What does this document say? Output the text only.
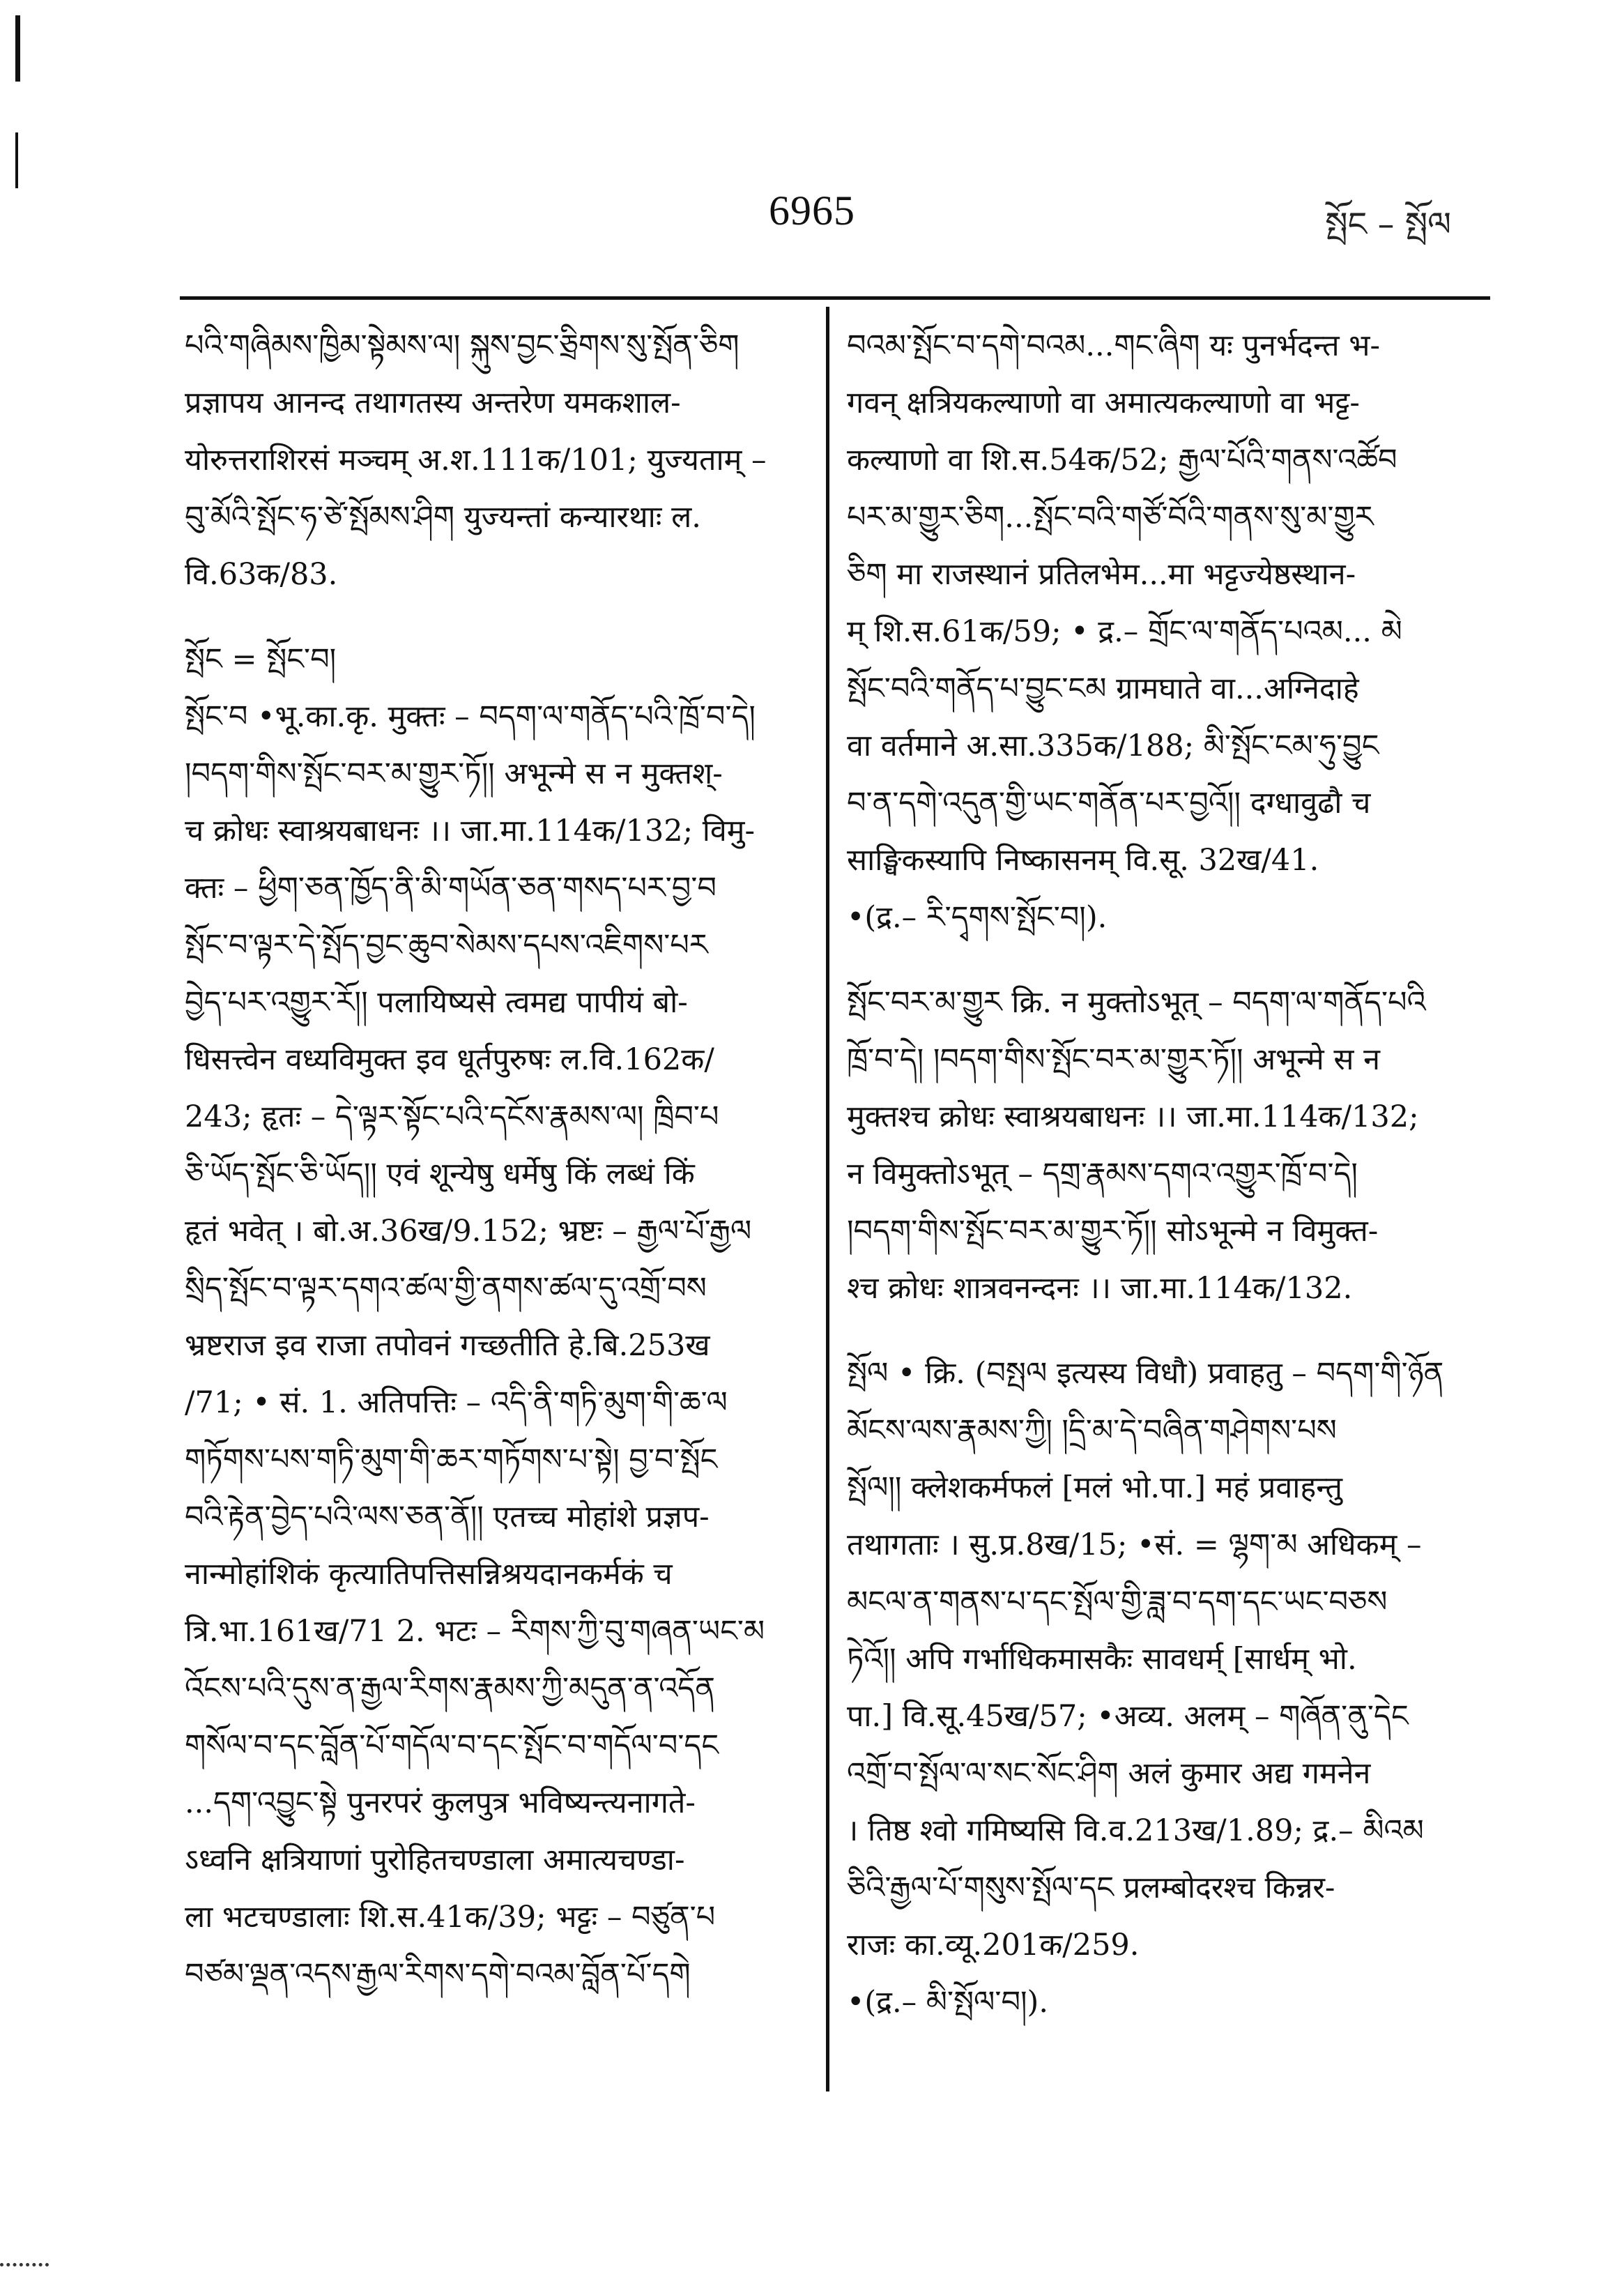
6965	སྤོང – སྤོལ
པའི་གཞིམས་ཁྱིམ་སྟེམས་ལ། སྐུས་བྱང་ཅྲིགས་སུ་སྤོན་ཅིག
प्रज्ञापय आनन्द तथागतस्य अन्तरेण यमकशाल-
योरुत्तराशिरसं मञ्चम् अ.श.111क/101; युज्यताम् –
བུ་མོའི་སྤོང་ཧ་ཙེ་སྤོམས་ཤིག युज्यन्तां कन्यारथाः ल.
वि.63क/83.
སྤོང = སྤོང་བ།
སྤོང་བ •भू.का.कृ. मुक्तः – བདག་ལ་གནོད་པའི་ཁྲོ་བ་དེ།
།བདག་གིས་སྤོང་བར་མ་གྱུར་ཏོ།། अभून्मे स न मुक्तश्-
च क्रोधः स्वाश्रयबाधनः ।। जा.मा.114क/132; विमु-
क्तः – ཕྱིག་ཅན་ཁྱོད་ནི་མི་གཡོན་ཅན་གསད་པར་བྱ་བ
སྤོང་བ་ལྟར་དེ་སྤོད་བྱང་ཆུབ་སེམས་དཔས་འཇིགས་པར
བྱེད་པར་འགྱུར་རོ།། पलायिष्यसे त्वमद्य पापीयं बो-
धिसत्त्वेन वध्यविमुक्त इव धूर्तपुरुषः ल.वि.162क/
243; हृतः – དེ་ལྟར་སྟོང་པའི་དངོས་རྣམས་ལ། ཁྲིབ་པ
ཅི་ཡོད་སྤོང་ཅི་ཡོད།། एवं शून्येषु धर्मेषु किं लब्धं किं
हृतं भवेत् । बो.अ.36ख/9.152; भ्रष्टः – རྒྱལ་པོ་རྒྱལ
སྲིད་སྤོང་བ་ལྟར་དགའ་ཚལ་གྱི་ནགས་ཚལ་དུ་འགྲོ་བས
भ्रष्टराज इव राजा तपोवनं गच्छतीति हे.बि.253ख
/71; • सं. 1. अतिपत्तिः – འདི་ནི་གཏི་མུག་གི་ཆ་ལ
གཏོགས་པས་གཏི་མུག་གི་ཆར་གཏོགས་པ་སྟེ། བྱ་བ་སྤོང
བའི་རྟེན་བྱེད་པའི་ལས་ཅན་ནོ།། एतच्च मोहांशे प्रज्ञप-
नान्मोहांशिकं कृत्यातिपत्तिसन्निश्रयदानकर्मकं च
त्रि.भा.161ख/71 2. भटः – རིགས་ཀྱི་བུ་གཞན་ཡང་མ
འོངས་པའི་དུས་ན་རྒྱལ་རིགས་རྣམས་ཀྱི་མདུན་ན་འདོན
གསོལ་བ་དང་བློན་པོ་གདོལ་བ་དང་སྤོང་བ་གདོལ་བ་དང
...དག་འབྱུང་སྟེ पुनरपरं कुलपुत्र भविष्यन्त्यनागते-
ऽध्वनि क्षत्रियाणां पुरोहितचण्डाला अमात्यचण्डा-
ला भटचण्डालाः शि.स.41क/39; भट्टः – བཙུན་པ
བཙམ་ལྡན་འདས་རྒྱལ་རིགས་དགེ་བའམ་བློན་པོ་དགེ
བའམ་སྤོང་བ་དགེ་བའམ...གང་ཞིག यः पुनर्भदन्त भ-
गवन् क्षत्रियकल्याणो वा अमात्यकल्याणो वा भट्ट-
कल्याणो वा शि.स.54क/52; རྒྱལ་པོའི་གནས་འཚོབ
པར་མ་གྱུར་ཅིག...སྤོང་བའི་གཙོ་བོའི་གནས་སུ་མ་གྱུར
ཅིག मा राजस्थानं प्रतिलभेम...मा भट्टज्येष्ठस्थान-
म् शि.स.61क/59; • द्र.– གྲོང་ལ་གནོད་པའམ... མེ
སྤོང་བའི་གནོད་པ་བྱུང་ངམ ग्रामघाते वा...अग्निदाहे
वा वर्तमाने अ.सा.335क/188; མི་སྤོང་ངམ་ཧུ་བྱུང
བ་ན་དགེ་འདུན་གྱི་ཡང་གནོན་པར་བྱའོ།། दग्धावुढौ च
साङ्घिकस्यापि निष्कासनम् वि.सू. 32ख/41.
•(द्र.– རི་དྭགས་སྤོང་བ།).
སྤོང་བར་མ་གྱུར क्रि. न मुक्तोऽभूत् – བདག་ལ་གནོད་པའི
ཁྲོ་བ་དེ། །བདག་གིས་སྤོང་བར་མ་གྱུར་ཏོ།། अभून्मे स न
मुक्तश्च क्रोधः स्वाश्रयबाधनः ।। जा.मा.114क/132;
न विमुक्तोऽभूत् – དགྲ་རྣམས་དགའ་འགྱུར་ཁྲོ་བ་དེ།
།བདག་གིས་སྤོང་བར་མ་གྱུར་ཏོ།། सोऽभून्मे न विमुक्त-
श्च क्रोधः शात्रवनन्दनः ।। जा.मा.114क/132.
སྤོལ • क्रि. (བསྤལ इत्यस्य विधौ) प्रवाहतु – བདག་གི་ཉོན
མོངས་ལས་རྣམས་ཀྱི། །དྲི་མ་དེ་བཞིན་གཤེགས་པས
སྤོལ།། क्लेशकर्मफलं [मलं भो.पा.] महं प्रवाहन्तु
तथागताः । सु.प्र.8ख/15; •सं. = ལྷག་མ अधिकम् –
མངལ་ན་གནས་པ་དང་སྤོལ་གྱི་ཟླ་བ་དག་དང་ཡང་བཅས
ཏེའོ།། अपि गर्भाधिकमासकैः सावधर्म् [सार्धम् भो.
पा.] वि.सू.45ख/57; •अव्य. अलम् – གཞོན་ནུ་དེང
འགྲོ་བ་སྤོལ་ལ་སང་སོང་ཤིག अलं कुमार अद्य गमनेन
। तिष्ठ श्वो गमिष्यसि वि.व.213ख/1.89; द्र.– མིའམ
ཅིའི་རྒྱལ་པོ་གསུས་སྤོལ་དང प्रलम्बोदरश्च किन्नर-
राजः का.व्यू.201क/259.
•(द्र.– མི་སྤོལ་བ།).
